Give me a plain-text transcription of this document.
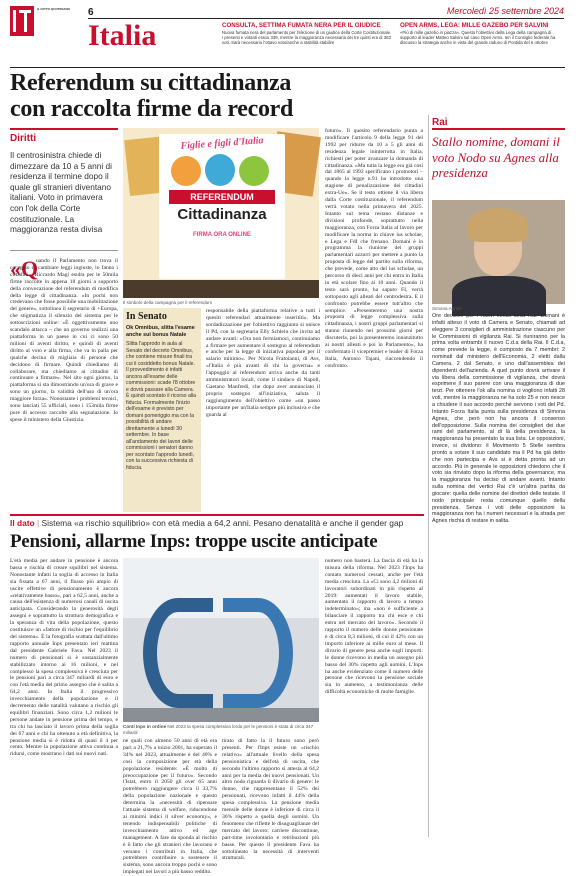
IL FATTO QUOTIDIANO	6	Mercoledì 25 settembre 2024
Italia	CONSULTA, SETTIMA FUMATA NERA PER IL GIUDICE
Nuova fumata nera del parlamento per l'elezione di un giudice della Corte Costituzionale. I presenti e votanti erano 339, mentre la maggioranza necessaria dei tre quinti era di 363 voti. Sarà necessario l'ottavo voto/anche a stabilità stabilire
OPEN ARMS, LEGA: MILLE GAZEBO PER SALVINI
«Più di mille gazebo in piazza». Questo l'obiettivo della Lega della campagna di supporto al leader Matteo Salvini sul caso Open Arms. Ieri il Consiglio federale ha discusso la strategia anche in vista del grande raduno di Pontida del 6 ottobre
Referendum su cittadinanza
con raccolta firme da record
Diritti
Il centrosinistra chiede di dimezzare da 10 a 5 anni di residenza il termine dopo il quale gli stranieri diventano italiani. Voto in primavera con l'ok della Corte costituzionale. La maggioranza resta divisa
«Q
uando il Parlamento non trova il coraggio di cambiare leggi ingiuste, lo fanno i cittadini». Riccardo Magi esulta per le 50mila firme raccolte in appena 18 giorni a supporto della convocazione del referendum di modifica della legge di cittadinanza. «In pochi non credevano che fosse possibile una mobilitazione del genere», sottolinea il segretario di +Europa, che stigmatizza il silenzio del sistema per le sottoscrizioni online: «È oggettivamente uno scandalo attacca – che un governo realizzi una piattaforma in un paese in cui ci sono 50 milioni di aventi diritto, e quindi di aventi diritto al voto e alla firma, che va in palla per qualche decina di migliaia di persone che decidono di firmare. Quindi chiediamo di collaborare, ma chiediamo ai cittadini di continuare a firmare». Nel sito ogni giorno, la piattaforma si sta dimostrando un'ora di grave e sono un giorno, la validità dell'uso di un'ora maggiore forza». Nonostante i problemi tecnici, sono lanciati 55 ufficiali, sono i 153mila firme pure di accesso raccolte alla segnalazione. Io spese il ministero della Giustizia.
Figlie e figli d'Italia
REFERENDUM
Cittadinanza
FIRMA ORA ONLINE
Il simbolo della campagna per il referendum
In Senato
Ok Omnibus, slitta l'esame anche sui bonus Natale
Slitta l'approdo in aula al Senato del decreto Omnibus, che contiene misure finali tra cui il cosiddetto bonus Natale. Il provvedimento è infatti ancora all'esame delle commissioni: scade l'8 ottobre e dovrà passare alla Camera. È quindi scontato il ricorso alla fiducia. Formalmente l'inizio dell'esame è previsto per domani pomeriggio ma con la possibilità di andare direttamente a lunedì 30 settembre. In base all'andamento dei lavori delle commissioni i senatori danno per scontato l'approdo lunedì, con la successiva richiesta di fiducia.
responsabile della piattaforma relative a tutti i quesiti referendari attualmente inserititi». Ma sordadizzazione per l'obiettivo raggiunto si unisce il Pd, con la segretaria Elly Schlein che invita ad andare avanti: «Ora non fermiamoci, continuiamo a firmare per aumentare il sostegno al referendum e anche per la legge di iniziativa popolare per il salario minimo». Per Nicola Fratoianni, di Avs, «l'Italia è più avanti di chi la governa» e l'appoggio al referendum arriva anche da tanti amministratori locali, come il sindaco di Napoli, Gaetano Manfredi, che dopo aver annunciato il proprio sostegno all'iniziativa, saluta il raggiungimento dell'obiettivo come «un passo importante per un'Italia sempre più inclusiva e che guarda al
futuro». Il quesito referendario punta a modificare l'articolo 9 della legge 91 del 1992 per ridurre da 10 a 5 gli anni di residenza legale ininterrotta in Italia, richiesti per poter avanzare la domanda di cittadinanza. «Ma tutta la legge era già così dal 1865 al 1992 specificano i promotori – quando la legge n.91 ha introdotto una stagione di penalizzazione dei cittadini extra-Ue». Se il testo ottiene il via libera dalla Corte costituzionale, il referendum verrà votato nella primavera del 2025. Intanto sul tema restano distanze e divisioni profonde, soprattutto nella maggioranza, con Forza Italia al lavoro per modificare la norma in chiave ius scholae, e Lega e FdI che frenano. Domani è in programma la riunione dei gruppi parlamentari azzurri per mettere a punto la proposta di legge del partito sulla riforma, che prevede, come atto del ius scholae, un percorso di dieci anni per chi entra in Italia in età scolare fino ai 10 anni. Quando il testo sarà pronto, ha saputo FI, verrà sottoposto agli alleati del centrodestra. E il confronto potrebbe essere tutt'altro che semplice. «Presenteremo una nostra proposta di legge complessiva sulla cittadinanza, i nostri gruppi parlamentari si stanno riunendo nei prossimi giorni per discuterla, poi la presenteremo innanzitutto ai nostri alleati e poi in Parlamento», ha confermato il vicepremier e leader di Forza Italia, Antonio Tajani, riaccendendo il confronto.
Rai
Stallo nomine, domani il voto Nodo su Agnes alla presidenza
Simona Agnes
Ore decisive per i nuovi vertici della Rai. Domani è infatti atteso il voto di Camera e Senato, chiamati ad eleggere 3 consiglieri di amministrazione ciascuno per le Commissioni di vigilanza Rai. Si riuniranno per la prima volta entrambi il nuovo C.d.a della Rai. Il C.d.a, come prevede la legge, è composto da 7 membri: 2 nominati dal ministero dell'Economia, 2 eletti dalla Camera, 2 dal Senato, e uno dall'assemblea dei dipendenti dell'azienda. A quel punto dovrà arrivare il via libera della commissione di vigilanza, che dovrà esprimere il suo parere con una maggioranza di due terzi. Per ottenere l'ok alla nomina ci vogliono infatti 28 voti, mentre la maggioranza ne ha solo 25 e non riesce a chiudere il suo accordo perché servono i voti del Pd. Intanto Forza Italia punta sulla presidenza di Simona Agnes, che però non ha ancora il consenso dell'opposizione. Sulla nomina dei consiglieri dei due rami del parlamento, al di là della presidenza, la maggioranza ha presentato la sua lista. Le opposizioni, invece, si dividono: il Movimento 5 Stelle sembra pronto a votare il suo candidato ma il Pd ha già detto che non partecipa e Avs si è detta pronta ad un accordo. Più in generale le opposizioni chiedono che il voto sia rinviato dopo la riforma della governance, ma la maggioranza ha deciso di andare avanti. Intanto sulla nomina dei vertici Rai c'è un'altra partita da giocare: quella delle nomine dei direttori delle testate. Il nodo principale resta comunque quello della presidenza. Senza i voti delle opposizioni la maggioranza non ha i numeri necessari e la strada per Agnes rischia di restare in salita.
Il dato | Sistema «a rischio squilibrio» con età media a 64,2 anni. Pesano denatalità e anche il gender gap
Pensioni, allarme Inps: troppe uscite anticipate
L'età media per andare in pensione è ancora bassa e rischia di creare squilibri nel sistema. Nonostante infatti la soglia di accesso in Italia sia fissata a 67 anni, il flusso più ampio di uscite effettive di pensionamento è ancora «relativamente basso», pari a 62,5 anni, anche a causa dell'esistenza di numerosi canali di uscita anticipata. Considerando la generosità degli assegni e soprattutto la struttura demografica e la speranza di vita della popolazione, questo costituisce un «fattore di rischio per l'equilibrio del sistema». È la fotografia scattata dall'ultimo rapporto annuale Inps presentato ieri mattina dal presidente Gabriele Fava. Nel 2023 il numero di pensionati si è sostanzialmente stabilizzato intorno ai 16 milioni, e nel complesso la spesa complessiva è cresciuta per le pensioni pari a circa 347 miliardi di euro e con l'età media del primo assegno che è salita a 64,2 anni. In Italia il progressivo invecchiamento della popolazione e il decremento delle natalità valutano a rischio gli equilibri finanziari. Sono circa 1,2 milioni le persone andate in pensione prima del tempo, e tra chi ha lasciato il lavoro prima della soglia dei 67 anni e chi ha ottenuto a età definitiva, la pensione media si è ridotta di quasi il 4 per cento. Mentre la popolazione attiva continua a ridursi, come mostrano i dati sui nuovi nati.
Conti Inps in ordine Nel 2023 la spesa complessiva lorda per le pensioni è stata di circa 347 miliardi
ne quali con almeno 50 anni di età era pari a 21,7% a inizio 2001, ha superato il 34% nel 2023, attualmente è del 40% e così la composizione per età della popolazione residente: «È molto di preoccupazione per il futuro». Secondo l'Istat, entro il 2050 gli over 65 anni potrebbero raggiungere circa il 33,7% della popolazione nazionale e questo determina la «necessità di ripensare l'attuale sistema di welfare, riducendone ai minimi indici il silver economy», e tenendo indispensabili politiche di invecchiamento attivo ed age management. A fare da sponda al rischio è il fatto che gli stranieri che lavorano e versano i contributi in Italia, che potrebbero contribuire a sostenere il sistema, sono ancora troppo pochi e sono impiegati nei lavori a più basso reddito.
tirato di fatto la il futuro sono però presenti. Per l'Inps esiste un «rischio relativo» all'attuale livello della spesa pensionistica e dell'età di uscita, che secondo l'ultimo rapporto si attesta al 64,2 anni per la media dei nuovi pensionati. Un altro nodo riguarda il divario di genere: le donne, che rappresentano il 52% dei pensionati, ricevono infatti il 44% della spesa complessiva. La pensione media mensile delle donne è inferiore di circa il 36% rispetto a quella degli uomini. Un fenomeno che riflette le disuguaglianze del mercato del lavoro: carriere discontinue, part-time involontario e retribuzioni più basse. Per questo il presidente Fava ha sottolineato la necessità di interventi strutturali.
numero non basterà. La fascia di età ha la misura della riforma. Nel 2023 l'Inps ha contato numerosi cessati, anche per l'età media cresciuta. La «Ci sono 4,2 milioni di lavoratori subordinati in più rispetto al 2019: aumentati il lavoro stabile, aumentato il rapporto di lavoro a tempo indeterminato»; ma «non è sufficiente a bilanciare il rapporto tra chi esce e chi entra nel mercato del lavoro». Secondo il rapporto il numero delle donne pensionate è di circa 8,3 milioni, di cui il 42% con un importo inferiore ai mille euro al mese. Il divario di genere pesa anche sugli importi: le donne ricevono in media un assegno più basso del 30% rispetto agli uomini. L'Inps ha anche evidenziato come il numero delle persone che ricevono la pensione sociale sia in aumento, a testimonianza delle difficoltà economiche di molte famiglie.
